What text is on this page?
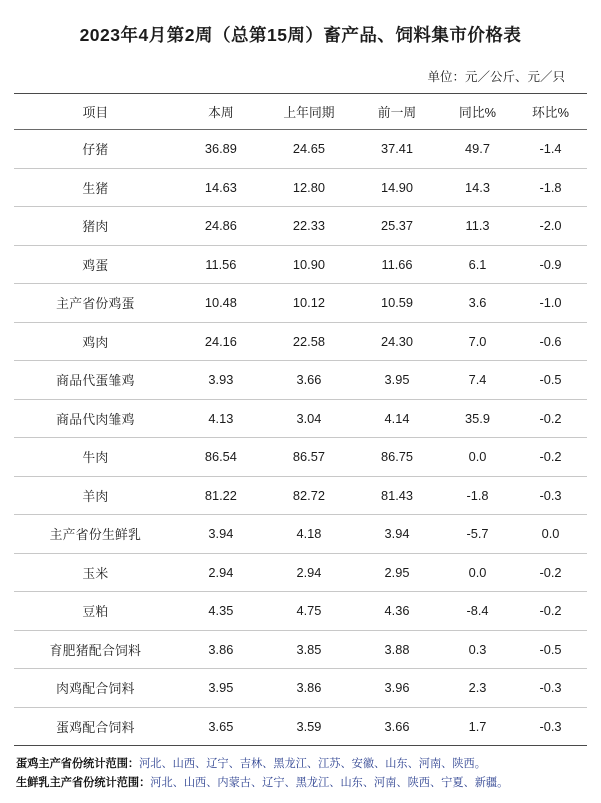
2023年4月第2周（总第15周）畜产品、饲料集市价格表
单位：元／公斤、元／只
项目	本周	上年同期	前一周	同比%	环比%
仔猪	36.89	24.65	37.41	49.7	-1.4
生猪	14.63	12.80	14.90	14.3	-1.8
猪肉	24.86	22.33	25.37	11.3	-2.0
鸡蛋	11.56	10.90	11.66	6.1	-0.9
主产省份鸡蛋	10.48	10.12	10.59	3.6	-1.0
鸡肉	24.16	22.58	24.30	7.0	-0.6
商品代蛋雏鸡	3.93	3.66	3.95	7.4	-0.5
商品代肉雏鸡	4.13	3.04	4.14	35.9	-0.2
牛肉	86.54	86.57	86.75	0.0	-0.2
羊肉	81.22	82.72	81.43	-1.8	-0.3
主产省份生鲜乳	3.94	4.18	3.94	-5.7	0.0
玉米	2.94	2.94	2.95	0.0	-0.2
豆粕	4.35	4.75	4.36	-8.4	-0.2
育肥猪配合饲料	3.86	3.85	3.88	0.3	-0.5
肉鸡配合饲料	3.95	3.86	3.96	2.3	-0.3
蛋鸡配合饲料	3.65	3.59	3.66	1.7	-0.3
蛋鸡主产省份统计范围：河北、山西、辽宁、吉林、黑龙江、江苏、安徽、山东、河南、陕西。
生鲜乳主产省份统计范围：河北、山西、内蒙古、辽宁、黑龙江、山东、河南、陕西、宁夏、新疆。
